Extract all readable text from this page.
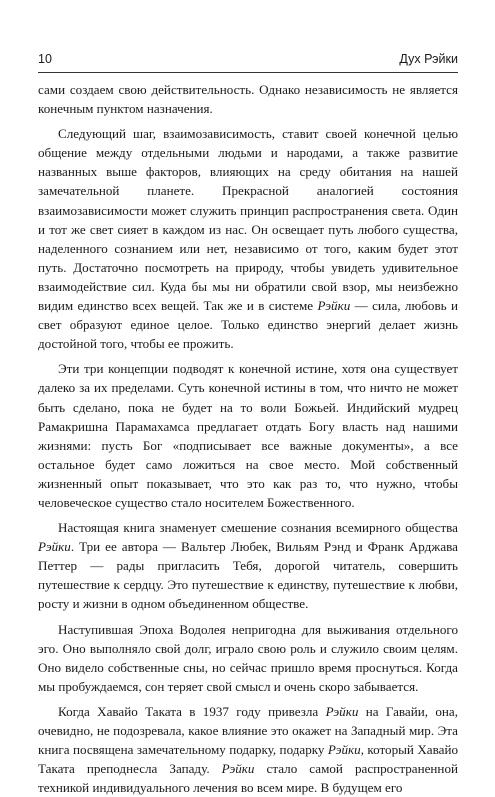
10	Дух Рэйки

сами создаем свою действительность. Однако независимость не является конечным пунктом назначения.

Следующий шаг, взаимозависимость, ставит своей конечной целью общение между отдельными людьми и народами, а также развитие названных выше факторов, влияющих на среду обитания на нашей замечательной планете. Прекрасной аналогией состояния взаимозависимости может служить принцип распространения света. Один и тот же свет сияет в каждом из нас. Он освещает путь любого существа, наделенного сознанием или нет, независимо от того, каким будет этот путь. Достаточно посмотреть на природу, чтобы увидеть удивительное взаимодействие сил. Куда бы мы ни обратили свой взор, мы неизбежно видим единство всех вещей. Так же и в системе Рэйки — сила, любовь и свет образуют единое целое. Только единство энергий делает жизнь достойной того, чтобы ее прожить.

Эти три концепции подводят к конечной истине, хотя она существует далеко за их пределами. Суть конечной истины в том, что ничто не может быть сделано, пока не будет на то воли Божьей. Индийский мудрец Рамакришна Парамахамса предлагает отдать Богу власть над нашими жизнями: пусть Бог «подписывает все важные документы», а все остальное будет само ложиться на свое место. Мой собственный жизненный опыт показывает, что это как раз то, что нужно, чтобы человеческое существо стало носителем Божественного.

Настоящая книга знаменует смешение сознания всемирного общества Рэйки. Три ее автора — Вальтер Любек, Вильям Рэнд и Франк Арджава Петтер — рады пригласить Тебя, дорогой читатель, совершить путешествие к сердцу. Это путешествие к единству, путешествие к любви, росту и жизни в одном объединенном обществе.

Наступившая Эпоха Водолея непригодна для выживания отдельного эго. Оно выполняло свой долг, играло свою роль и служило своим целям. Оно видело собственные сны, но сейчас пришло время проснуться. Когда мы пробуждаемся, сон теряет свой смысл и очень скоро забывается.

Когда Хавайо Таката в 1937 году привезла Рэйки на Гавайи, она, очевидно, не подозревала, какое влияние это окажет на Западный мир. Эта книга посвящена замечательному подарку, подарку Рэйки, который Хавайо Таката преподнесла Западу. Рэйки стало самой распространенной техникой индивидуального лечения во всем мире. В будущем его
